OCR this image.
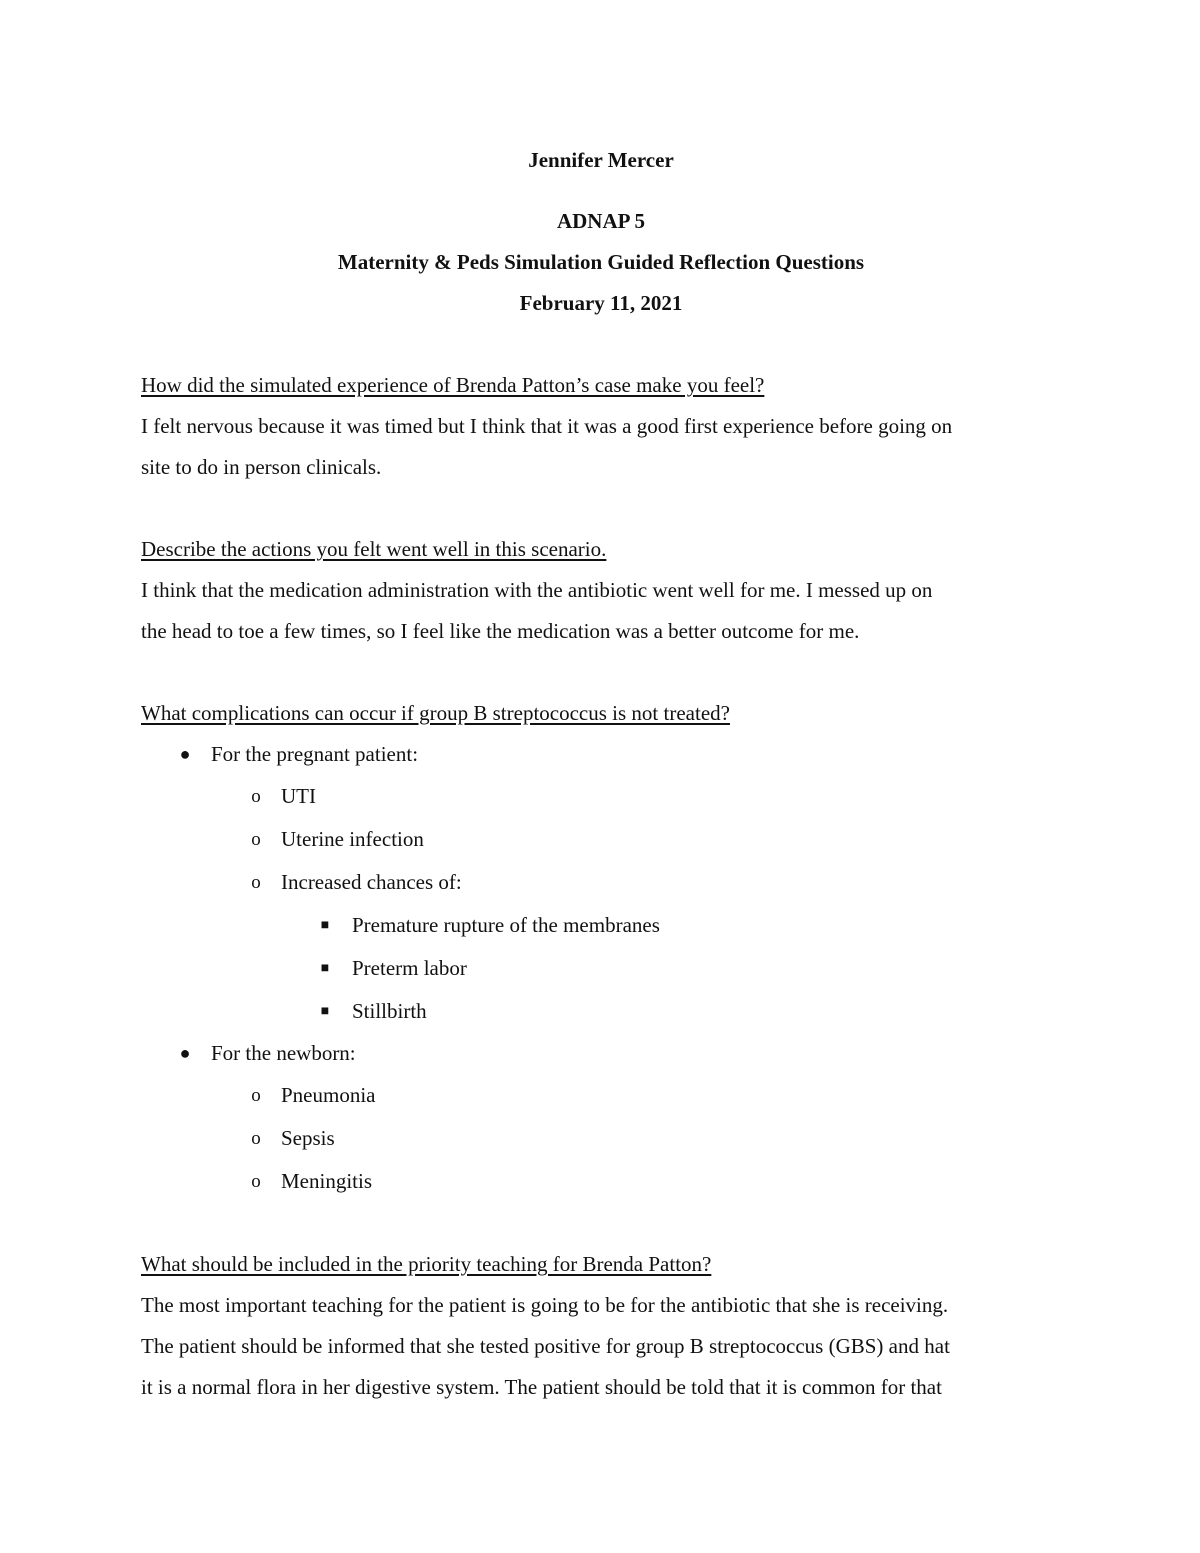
Jennifer Mercer

ADNAP 5

Maternity & Peds Simulation Guided Reflection Questions

February 11, 2021

How did the simulated experience of Brenda Patton’s case make you feel?

I felt nervous because it was timed but I think that it was a good first experience before going on

site to do in person clinicals.

Describe the actions you felt went well in this scenario.

I think that the medication administration with the antibiotic went well for me. I messed up on

the head to toe a few times, so I feel like the medication was a better outcome for me.

What complications can occur if group B streptococcus is not treated?

● For the pregnant patient:
o UTI
o Uterine infection
o Increased chances of:
■ Premature rupture of the membranes
■ Preterm labor
■ Stillbirth
● For the newborn:
o Pneumonia
o Sepsis
o Meningitis

What should be included in the priority teaching for Brenda Patton?

The most important teaching for the patient is going to be for the antibiotic that she is receiving.

The patient should be informed that she tested positive for group B streptococcus (GBS) and hat

it is a normal flora in her digestive system. The patient should be told that it is common for that
